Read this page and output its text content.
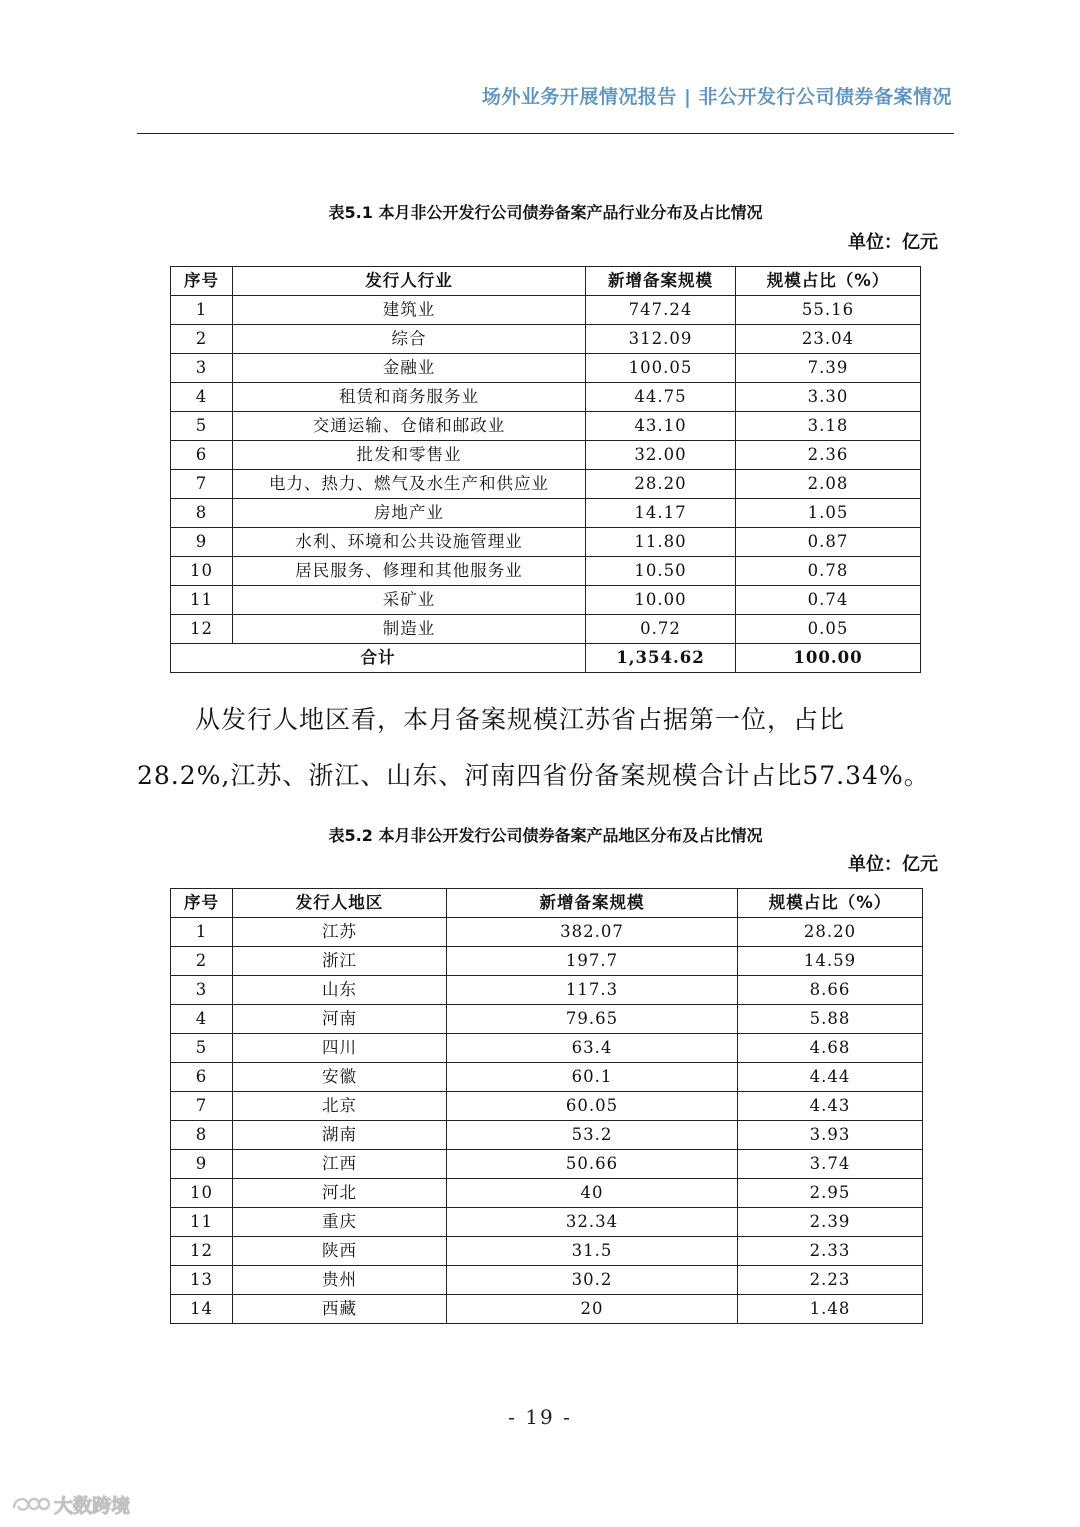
场外业务开展情况报告 | 非公开发行公司债券备案情况
表5.1 本月非公开发行公司债券备案产品行业分布及占比情况
单位：亿元
序号	发行人行业	新增备案规模	规模占比（%）
1	建筑业	747.24	55.16
2	综合	312.09	23.04
3	金融业	100.05	7.39
4	租赁和商务服务业	44.75	3.30
5	交通运输、仓储和邮政业	43.10	3.18
6	批发和零售业	32.00	2.36
7	电力、热力、燃气及水生产和供应业	28.20	2.08
8	房地产业	14.17	1.05
9	水利、环境和公共设施管理业	11.80	0.87
10	居民服务、修理和其他服务业	10.50	0.78
11	采矿业	10.00	0.74
12	制造业	0.72	0.05
合计		1,354.62	100.00
从发行人地区看，本月备案规模江苏省占据第一位，占比
28.2%,江苏、浙江、山东、河南四省份备案规模合计占比57.34%。
表5.2 本月非公开发行公司债券备案产品地区分布及占比情况
单位：亿元
序号	发行人地区	新增备案规模	规模占比（%）
1	江苏	382.07	28.20
2	浙江	197.7	14.59
3	山东	117.3	8.66
4	河南	79.65	5.88
5	四川	63.4	4.68
6	安徽	60.1	4.44
7	北京	60.05	4.43
8	湖南	53.2	3.93
9	江西	50.66	3.74
10	河北	40	2.95
11	重庆	32.34	2.39
12	陕西	31.5	2.33
13	贵州	30.2	2.23
14	西藏	20	1.48
- 19 -
大数跨境
